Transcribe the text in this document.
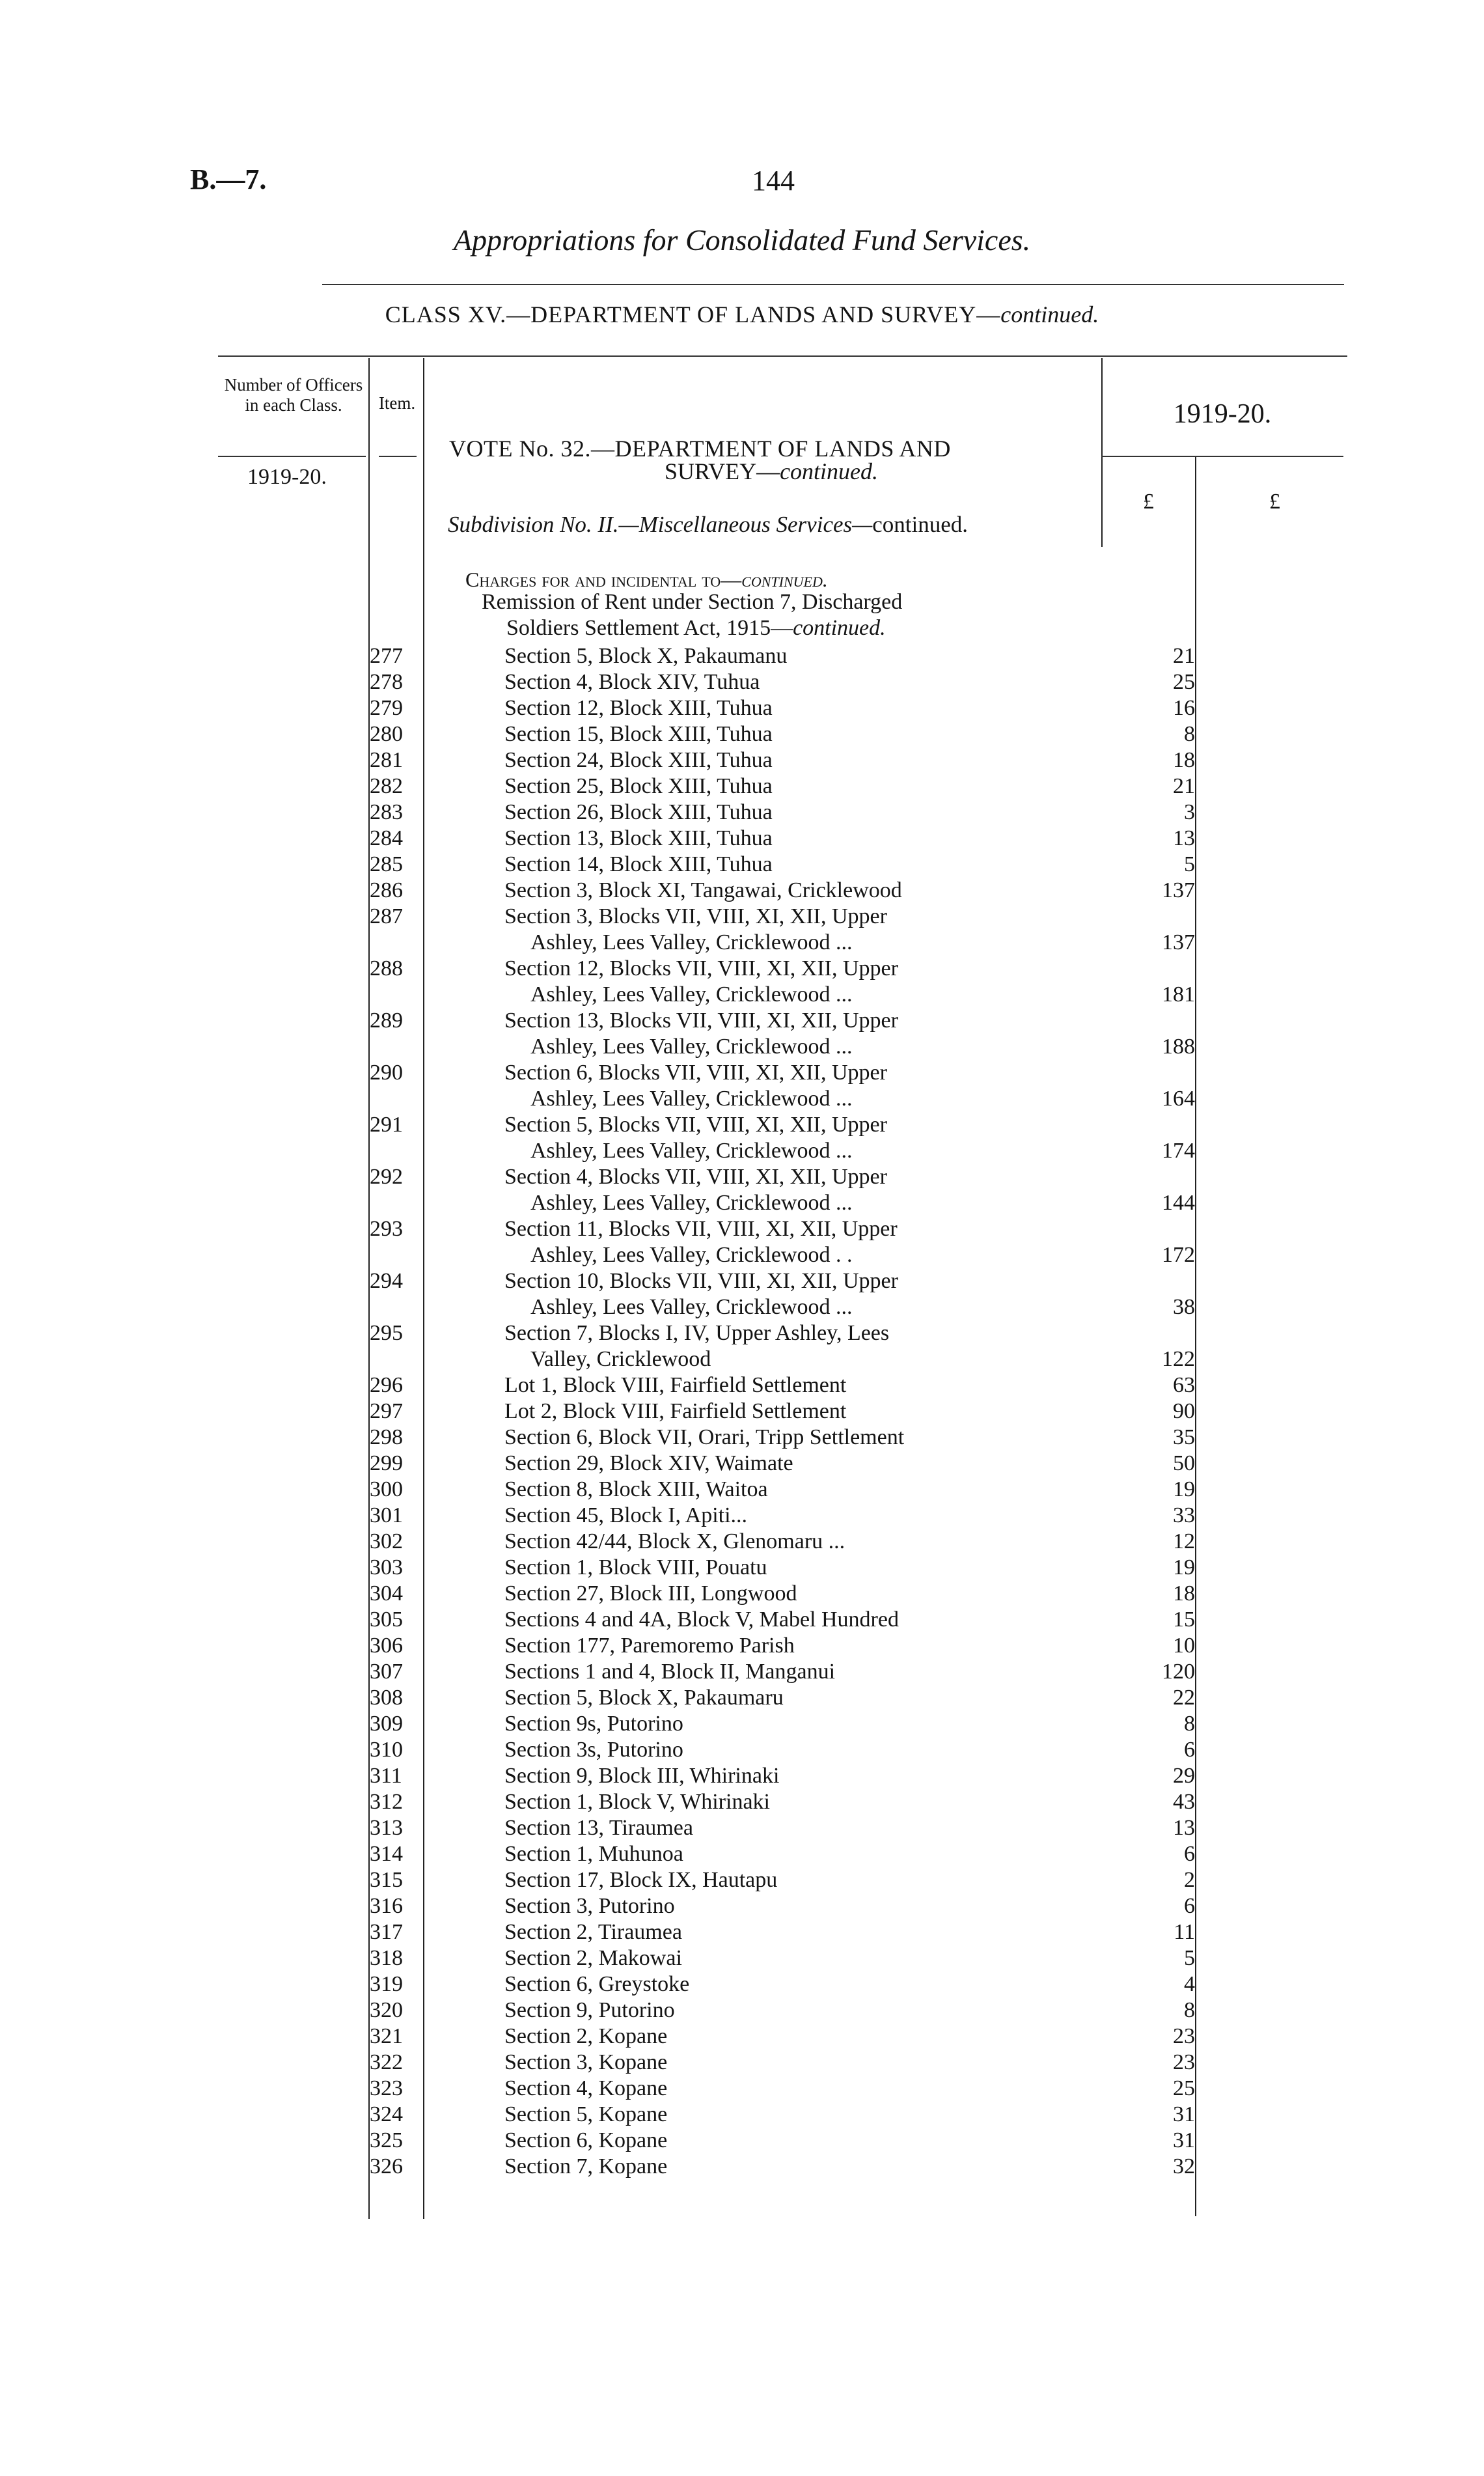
B.—7.	144
Appropriations for Consolidated Fund Services.
CLASS XV.—DEPARTMENT OF LANDS AND SURVEY—continued.
Number of Officers in each Class.
1919-20.
Item.	1919-20.
£	£
VOTE No. 32.—DEPARTMENT OF LANDS AND
SURVEY—continued.
Subdivision No. II.—Miscellaneous Services—continued.
Charges for and incidental to—continued.
Remission of Rent under Section 7, Discharged
Soldiers Settlement Act, 1915—continued.
277	Section 5, Block X, Pakaumanu	21
278	Section 4, Block XIV, Tuhua	25
279	Section 12, Block XIII, Tuhua	16
280	Section 15, Block XIII, Tuhua	8
281	Section 24, Block XIII, Tuhua	18
282	Section 25, Block XIII, Tuhua	21
283	Section 26, Block XIII, Tuhua	3
284	Section 13, Block XIII, Tuhua	13
285	Section 14, Block XIII, Tuhua	5
286	Section 3, Block XI, Tangawai, Cricklewood	137
287	Section 3, Blocks VII, VIII, XI, XII, Upper
Ashley, Lees Valley, Cricklewood ...	137
288	Section 12, Blocks VII, VIII, XI, XII, Upper
Ashley, Lees Valley, Cricklewood ...	181
289	Section 13, Blocks VII, VIII, XI, XII, Upper
Ashley, Lees Valley, Cricklewood ...	188
290	Section 6, Blocks VII, VIII, XI, XII, Upper
Ashley, Lees Valley, Cricklewood ...	164
291	Section 5, Blocks VII, VIII, XI, XII, Upper
Ashley, Lees Valley, Cricklewood ...	174
292	Section 4, Blocks VII, VIII, XI, XII, Upper
Ashley, Lees Valley, Cricklewood ...	144
293	Section 11, Blocks VII, VIII, XI, XII, Upper
Ashley, Lees Valley, Cricklewood . .	172
294	Section 10, Blocks VII, VIII, XI, XII, Upper
Ashley, Lees Valley, Cricklewood ...	38
295	Section 7, Blocks I, IV, Upper Ashley, Lees
Valley, Cricklewood	122
296	Lot 1, Block VIII, Fairfield Settlement	63
297	Lot 2, Block VIII, Fairfield Settlement	90
298	Section 6, Block VII, Orari, Tripp Settlement	35
299	Section 29, Block XIV, Waimate	50
300	Section 8, Block XIII, Waitoa	19
301	Section 45, Block I, Apiti...	33
302	Section 42/44, Block X, Glenomaru ...	12
303	Section 1, Block VIII, Pouatu	19
304	Section 27, Block III, Longwood	18
305	Sections 4 and 4A, Block V, Mabel Hundred	15
306	Section 177, Paremoremo Parish	10
307	Sections 1 and 4, Block II, Manganui	120
308	Section 5, Block X, Pakaumaru	22
309	Section 9s, Putorino	8
310	Section 3s, Putorino	6
311	Section 9, Block III, Whirinaki	29
312	Section 1, Block V, Whirinaki	43
313	Section 13, Tiraumea	13
314	Section 1, Muhunoa	6
315	Section 17, Block IX, Hautapu	2
316	Section 3, Putorino	6
317	Section 2, Tiraumea	11
318	Section 2, Makowai	5
319	Section 6, Greystoke	4
320	Section 9, Putorino	8
321	Section 2, Kopane	23
322	Section 3, Kopane	23
323	Section 4, Kopane	25
324	Section 5, Kopane	31
325	Section 6, Kopane	31
326	Section 7, Kopane	32
